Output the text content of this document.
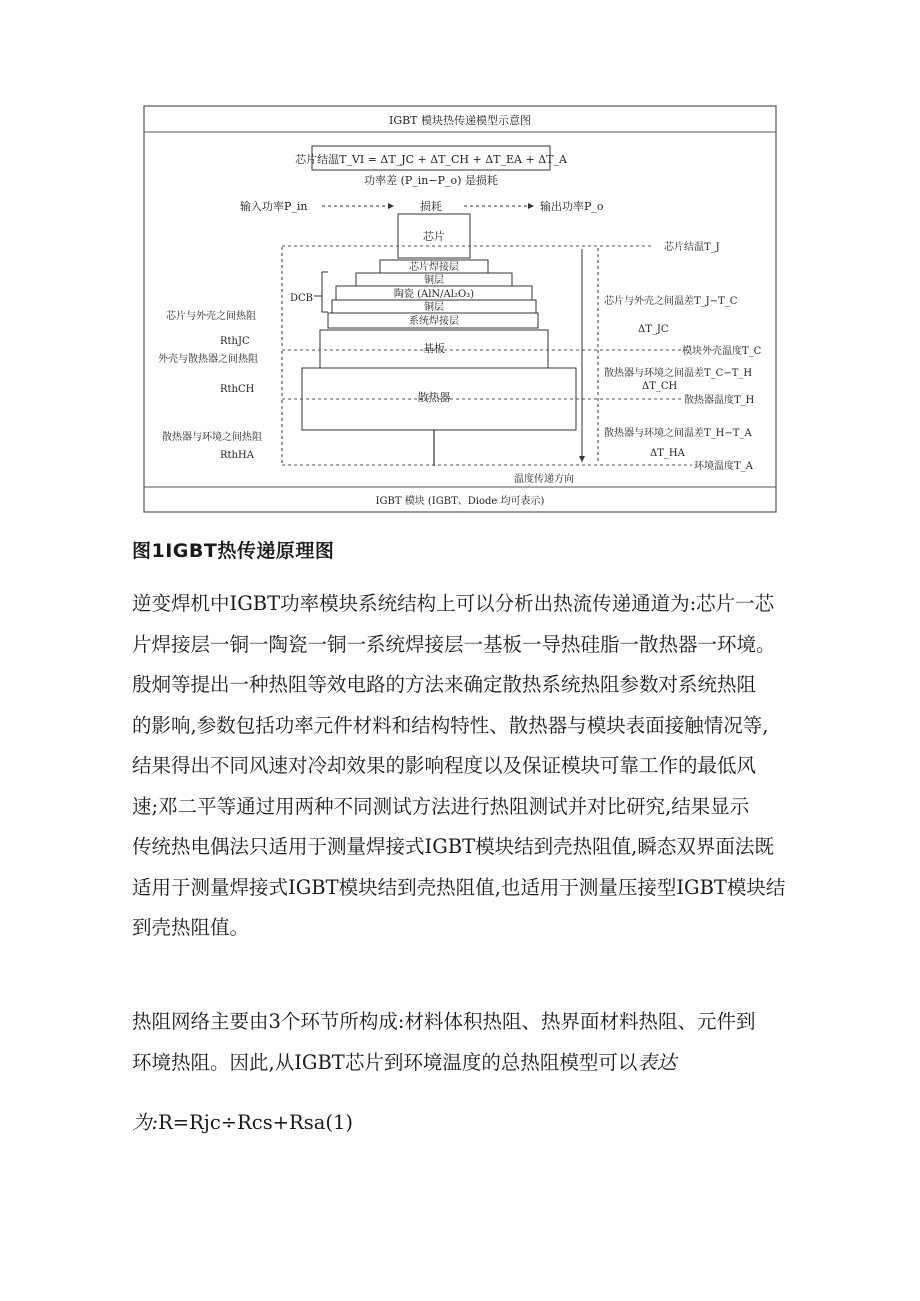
IGBT 模块热传递模型示意图
芯片结温T_VI = ΔT_JC + ΔT_CH + ΔT_EA + ΔT_A
功率差 (P_in−P_o) 是损耗
输入功率P_in	损耗	输出功率P_o
芯片
芯片焊接层
铜层
陶瓷 (AlN/Al₂O₃)
铜层
系统焊接层
基板
散热器
DCB
芯片与外壳之间热阻
RthJC
外壳与散热器之间热阻
RthCH
散热器与环境之间热阻
RthHA
芯片结温T_J
芯片与外壳之间温差T_J−T_C
ΔT_JC
模块外壳温度T_C
散热器与环境之间温差T_C−T_H
ΔT_CH
散热器温度T_H
散热器与环境之间温差T_H−T_A
ΔT_HA
环境温度T_A
温度传递方向
IGBT 模块 (IGBT、Diode 均可表示)
图1IGBT热传递原理图
逆变焊机中IGBT功率模块系统结构上可以分析出热流传递通道为:芯片一芯
片焊接层一铜一陶瓷一铜一系统焊接层一基板一导热硅脂一散热器一环境。
殷炯等提出一种热阻等效电路的方法来确定散热系统热阻参数对系统热阻
的影响,参数包括功率元件材料和结构特性、散热器与模块表面接触情况等,
结果得出不同风速对冷却效果的影响程度以及保证模块可靠工作的最低风
速;邓二平等通过用两种不同测试方法进行热阻测试并对比研究,结果显示
传统热电偶法只适用于测量焊接式IGBT模块结到壳热阻值,瞬态双界面法既
适用于测量焊接式IGBT模块结到壳热阻值,也适用于测量压接型IGBT模块结
到壳热阻值。
热阻网络主要由3个环节所构成:材料体积热阻、热界面材料热阻、元件到
环境热阻。因此,从IGBT芯片到环境温度的总热阻模型可以表达
为:R=Rjc÷Rcs+Rsa(1)
